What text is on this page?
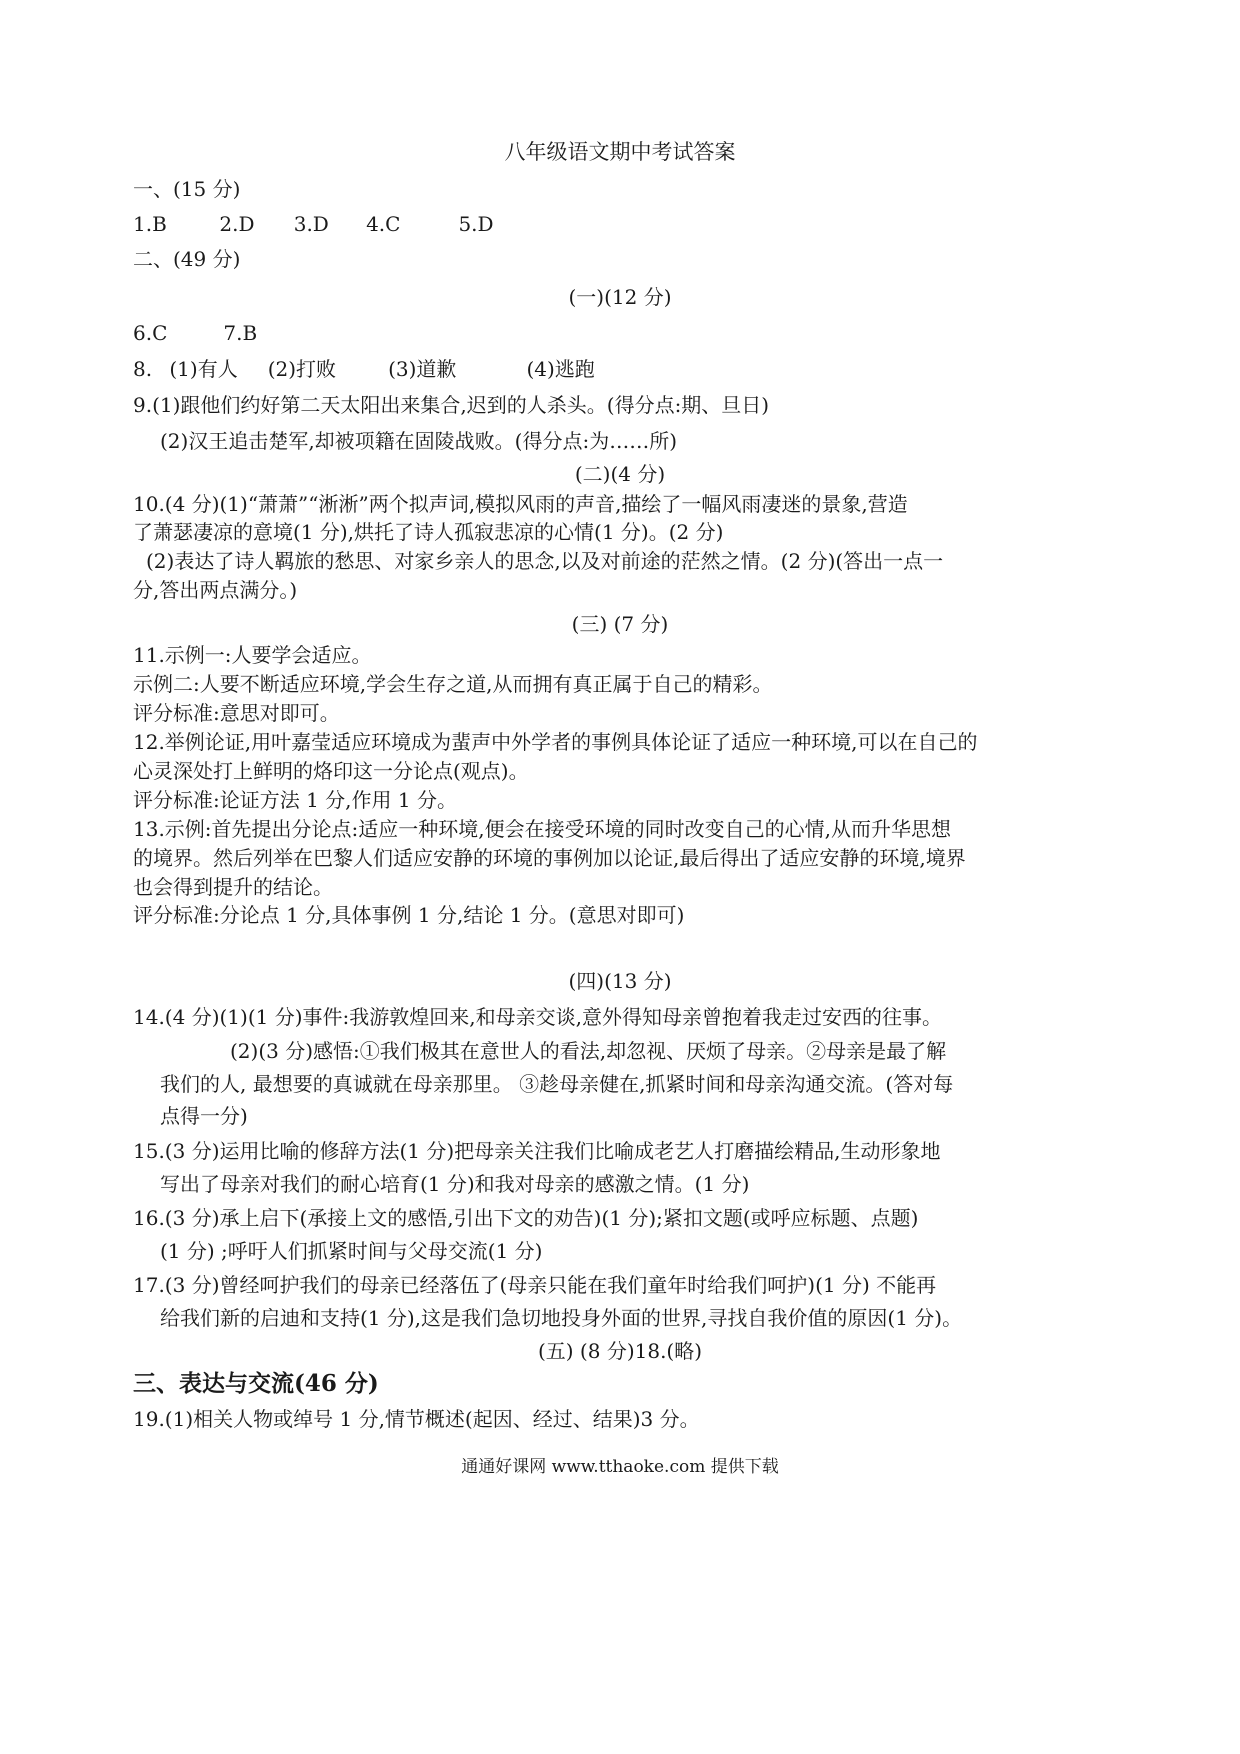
八年级语文期中考试答案
一、(15 分)
1.B	2.D 3.D 4.C	5.D
二、(49 分)
(一)(12 分)
6.C	7.B
8. (1)有人 (2)打败	(3)道歉	(4)逃跑
9.(1)跟他们约好第二天太阳出来集合,迟到的人杀头。(得分点:期、旦日)
(2)汉王追击楚军,却被项籍在固陵战败。(得分点:为……所)
(二)(4 分)
10.(4 分)(1)“萧萧”“淅淅”两个拟声词,模拟风雨的声音,描绘了一幅风雨凄迷的景象,营造
了萧瑟凄凉的意境(1 分),烘托了诗人孤寂悲凉的心情(1 分)。(2 分)
(2)表达了诗人羁旅的愁思、对家乡亲人的思念,以及对前途的茫然之情。(2 分)(答出一点一
分,答出两点满分。)
(三) (7 分)
11.示例一:人要学会适应。
示例二:人要不断适应环境,学会生存之道,从而拥有真正属于自己的精彩。
评分标准:意思对即可。
12.举例论证,用叶嘉莹适应环境成为蜚声中外学者的事例具体论证了适应一种环境,可以在自己的
心灵深处打上鲜明的烙印这一分论点(观点)。
评分标准:论证方法 1 分,作用 1 分。
13.示例:首先提出分论点:适应一种环境,便会在接受环境的同时改变自己的心情,从而升华思想
的境界。然后列举在巴黎人们适应安静的环境的事例加以论证,最后得出了适应安静的环境,境界
也会得到提升的结论。
评分标准:分论点 1 分,具体事例 1 分,结论 1 分。(意思对即可)
(四)(13 分)
14.(4 分)(1)(1 分)事件:我游敦煌回来,和母亲交谈,意外得知母亲曾抱着我走过安西的往事。
(2)(3 分)感悟:①我们极其在意世人的看法,却忽视、厌烦了母亲。②母亲是最了解
我们的人, 最想要的真诚就在母亲那里。 ③趁母亲健在,抓紧时间和母亲沟通交流。(答对每
点得一分)
15.(3 分)运用比喻的修辞方法(1 分)把母亲关注我们比喻成老艺人打磨描绘精品,生动形象地
写出了母亲对我们的耐心培育(1 分)和我对母亲的感激之情。(1 分)
16.(3 分)承上启下(承接上文的感悟,引出下文的劝告)(1 分);紧扣文题(或呼应标题、点题)
(1 分) ;呼吁人们抓紧时间与父母交流(1 分)
17.(3 分)曾经呵护我们的母亲已经落伍了(母亲只能在我们童年时给我们呵护)(1 分) 不能再
给我们新的启迪和支持(1 分),这是我们急切地投身外面的世界,寻找自我价值的原因(1 分)。
(五) (8 分)18.(略)
三、表达与交流(46 分)
19.(1)相关人物或绰号 1 分,情节概述(起因、经过、结果)3 分。
通通好课网 www.tthaoke.com 提供下载
